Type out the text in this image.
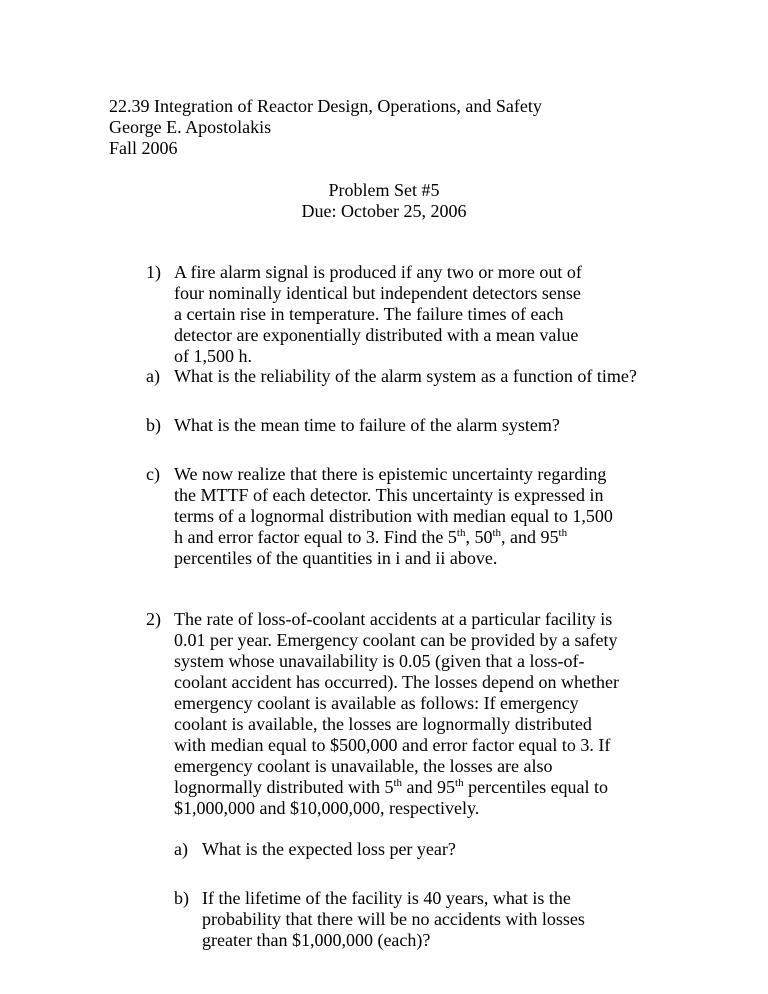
22.39 Integration of Reactor Design, Operations, and Safety
George E. Apostolakis
Fall 2006
Problem Set #5
Due: October 25, 2006
1) A fire alarm signal is produced if any two or more out of four nominally identical but independent detectors sense a certain rise in temperature. The failure times of each detector are exponentially distributed with a mean value of 1,500 h.
a) What is the reliability of the alarm system as a function of time?
b) What is the mean time to failure of the alarm system?
c) We now realize that there is epistemic uncertainty regarding the MTTF of each detector. This uncertainty is expressed in terms of a lognormal distribution with median equal to 1,500 h and error factor equal to 3. Find the 5th, 50th, and 95th percentiles of the quantities in i and ii above.
2) The rate of loss-of-coolant accidents at a particular facility is 0.01 per year. Emergency coolant can be provided by a safety system whose unavailability is 0.05 (given that a loss-of-coolant accident has occurred). The losses depend on whether emergency coolant is available as follows: If emergency coolant is available, the losses are lognormally distributed with median equal to $500,000 and error factor equal to 3. If emergency coolant is unavailable, the losses are also lognormally distributed with 5th and 95th percentiles equal to $1,000,000 and $10,000,000, respectively.
a) What is the expected loss per year?
b) If the lifetime of the facility is 40 years, what is the probability that there will be no accidents with losses greater than $1,000,000 (each)?
